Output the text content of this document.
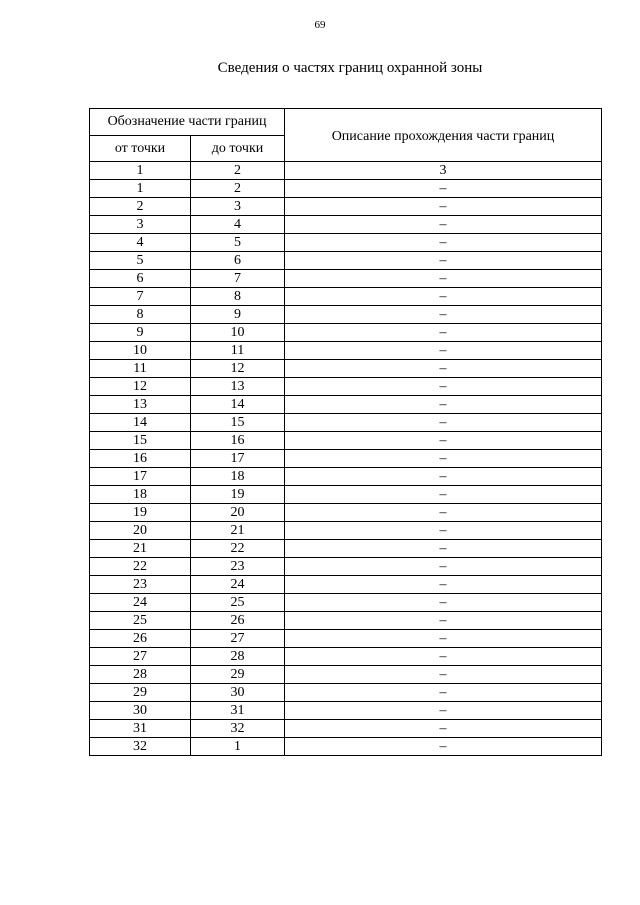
69
Сведения о частях границ охранной зоны
Обозначение части границ		Описание прохождения части границ
от точки	до точки	
1	2	3
1	2	–
2	3	–
3	4	–
4	5	–
5	6	–
6	7	–
7	8	–
8	9	–
9	10	–
10	11	–
11	12	–
12	13	–
13	14	–
14	15	–
15	16	–
16	17	–
17	18	–
18	19	–
19	20	–
20	21	–
21	22	–
22	23	–
23	24	–
24	25	–
25	26	–
26	27	–
27	28	–
28	29	–
29	30	–
30	31	–
31	32	–
32	1	–
